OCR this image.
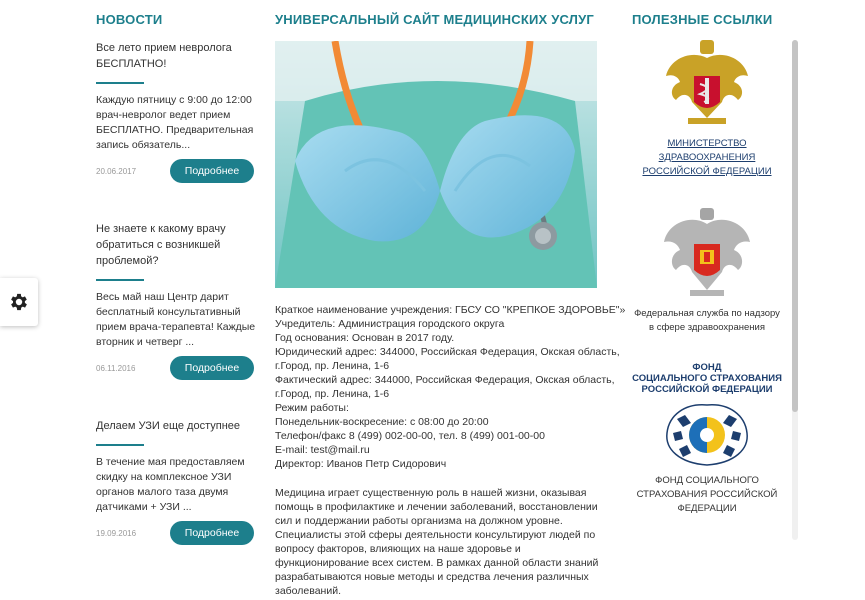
НОВОСТИ	УНИВЕРСАЛЬНЫЙ САЙТ МЕДИЦИНСКИХ УСЛУГ	ПОЛЕЗНЫЕ ССЫЛКИ
Все лето прием невролога БЕСПЛАТНО!
Каждую пятницу с 9:00 до 12:00 врач-невролог ведет прием БЕСПЛАТНО. Предварительная запись обязатель...
20.06.2017	Подробнее
Не знаете к какому врачу обратиться с возникшей проблемой?
Весь май наш Центр дарит бесплатный консультативный прием врача-терапевта! Каждые вторник и четверг ...
06.11.2016	Подробнее
Делаем УЗИ еще доступнее
В течение мая предоставляем скидку на комплексное УЗИ органов малого таза двумя датчиками + УЗИ ...
19.09.2016	Подробнее
Краткое наименование учреждения: ГБСУ СО "КРЕПКОЕ ЗДОРОВЬЕ"»
Учредитель: Администрация городского округа
Год основания: Основан в 2017 году.
Юридический адрес: 344000, Российская Федерация, Окская область,
г.Город, пр. Ленина, 1-6
Фактический адрес: 344000, Российская Федерация, Окская область,
г.Город, пр. Ленина, 1-6
Режим работы:
Понедельник-воскресение: с 08:00 до 20:00
Телефон/факс 8 (499) 002-00-00, тел. 8 (499) 001-00-00
E-mail: test@mail.ru
Директор: Иванов Петр Сидорович
Медицина играет существенную роль в нашей жизни, оказывая помощь в профилактике и лечении заболеваний, восстановлении сил и поддержании работы организма на должном уровне. Специалисты этой сферы деятельности консультируют людей по вопросу факторов, влияющих на наше здоровье и функционирование всех систем. В рамках данной области знаний разрабатываются новые методы и средства лечения различных заболеваний.
МИНИСТЕРСТВО
ЗДРАВООХРАНЕНИЯ
РОССИЙСКОЙ ФЕДЕРАЦИИ
Федеральная служба по надзору
в сфере здравоохранения
ФОНД
СОЦИАЛЬНОГО СТРАХОВАНИЯ
РОССИЙСКОЙ ФЕДЕРАЦИИ
ФОНД СОЦИАЛЬНОГО
СТРАХОВАНИЯ РОССИЙСКОЙ
ФЕДЕРАЦИИ
